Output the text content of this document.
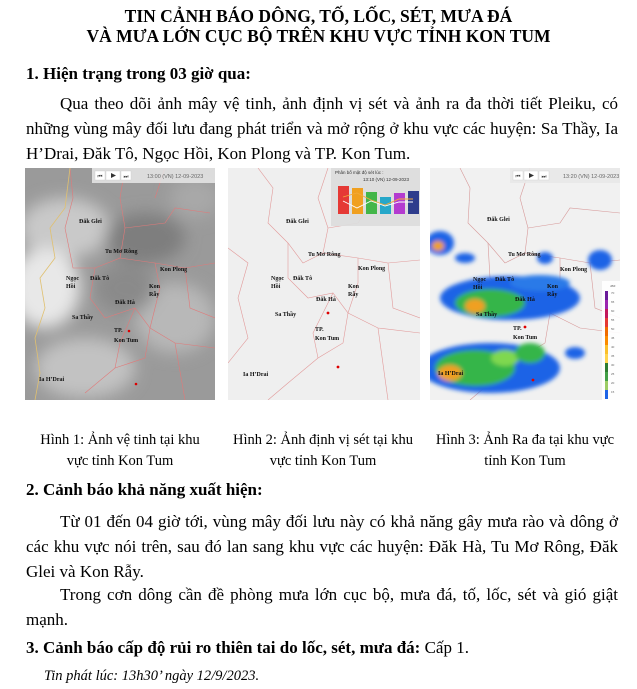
TIN CẢNH BÁO DÔNG, TỐ, LỐC, SÉT, MƯA ĐÁ
VÀ MƯA LỚN CỤC BỘ TRÊN KHU VỰC TỈNH KON TUM
1. Hiện trạng trong 03 giờ qua:
Qua theo dõi ảnh mây vệ tinh, ảnh định vị sét và ảnh ra đa thời tiết Pleiku, có những vùng mây đối lưu đang phát triển và mở rộng ở khu vực các huyện: Sa Thầy, Ia H’Drai, Đăk Tô, Ngọc Hồi, Kon Plong và TP. Kon Tum.
Đăk Glei
Tu Mơ Rông
Kon Plong
Ngọc
Hồi
Đăk Tô
Kon
Rẫy
Đăk Hà
Sa Thầy
TP.
Kon Tum
Ia H’Drai
⏮	⏭	13:00 (VN) 12-09-2023
Đăk Glei
Tu Mơ Rông
Kon Plong
Ngọc
Hồi
Đăk Tô
Kon
Rẫy
Đăk Hà
Sa Thầy
TP.
Kon Tum
Ia H’Drai
Phân bố mật độ sét lúc :
13:10 (VN) 12-09-2023
Đăk Glei
Tu Mơ Rông
Kon Plong
Ngọc
Hồi
Đăk Tô
Kon
Rẫy
Đăk Hà
Sa Thầy
TP.
Kon Tum
Ia H’Drai
⏮	⏭	13:20 (VN) 12-09-2023
dBZ
70
65
60
55
50
45
40
35
30
25
20
15
Hình 1: Ảnh vệ tinh tại khu
vực tỉnh Kon Tum
Hình 2: Ảnh định vị sét tại khu
vực tỉnh Kon Tum
Hình 3: Ảnh Ra đa tại khu vực
tỉnh Kon Tum
2. Cảnh báo khả năng xuất hiện:
Từ 01 đến 04 giờ tới, vùng mây đối lưu này có khả năng gây mưa rào và dông ở các khu vực nói trên, sau đó lan sang khu vực các huyện: Đăk Hà, Tu Mơ Rông, Đăk Glei và Kon Rẫy.
Trong cơn dông cần đề phòng mưa lớn cục bộ, mưa đá, tố, lốc, sét và gió giật mạnh.
3. Cảnh báo cấp độ rủi ro thiên tai do lốc, sét, mưa đá: Cấp 1.
Tin phát lúc: 13h30’ ngày 12/9/2023.
